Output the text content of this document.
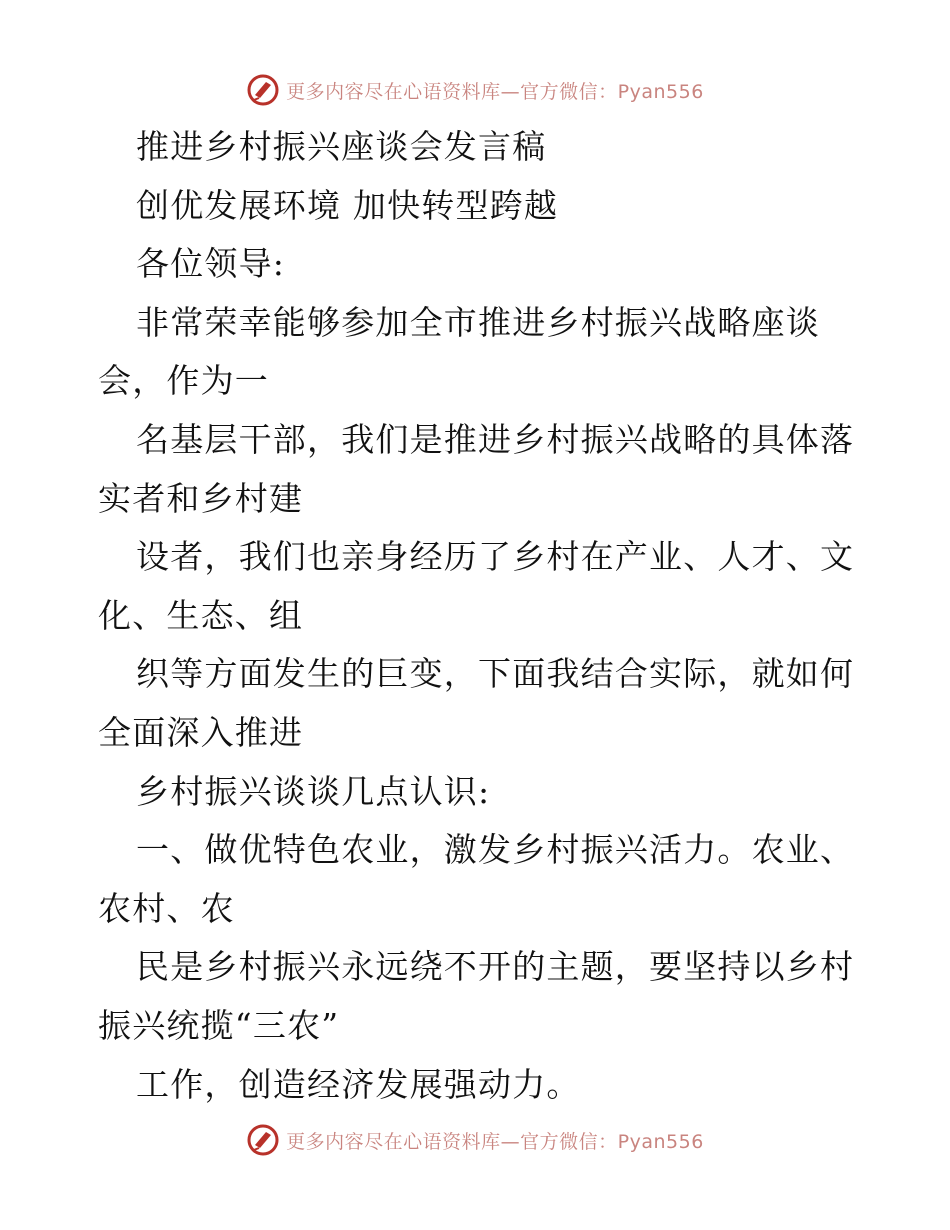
更多内容尽在心语资料库—官方微信：Pyan556
推进乡村振兴座谈会发言稿
创优发展环境 加快转型跨越
各位领导:
非常荣幸能够参加全市推进乡村振兴战略座谈
会，作为一
名基层干部，我们是推进乡村振兴战略的具体落
实者和乡村建
设者，我们也亲身经历了乡村在产业、人才、文
化、生态、组
织等方面发生的巨变，下面我结合实际，就如何
全面深入推进
乡村振兴谈谈几点认识:
一、做优特色农业，激发乡村振兴活力。农业、
农村、农
民是乡村振兴永远绕不开的主题，要坚持以乡村
振兴统揽“三农”
工作，创造经济发展强动力。
更多内容尽在心语资料库—官方微信：Pyan556
